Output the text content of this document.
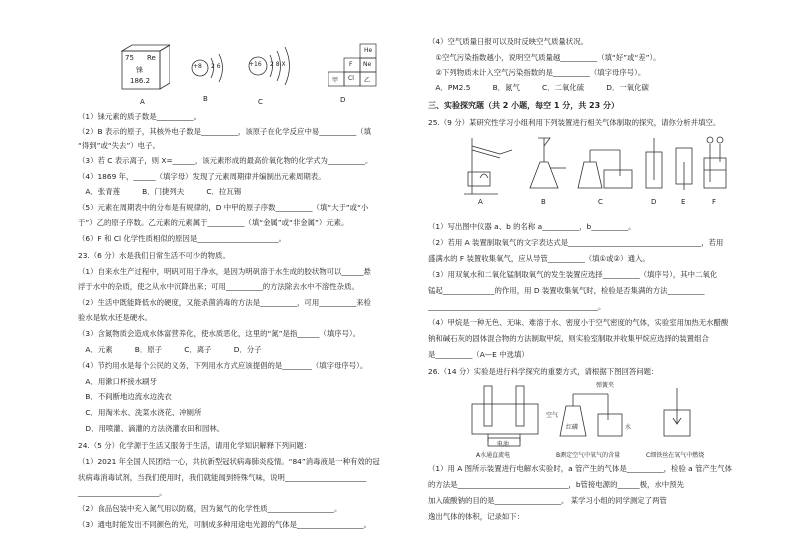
75 Re
铼
186.2
A
+8 2 6
B
+16 2 8 X
C
He
F Ne
甲 Cl 乙
D
（1）铼元素的质子数是__________。
（2）B 表示的原子，其核外电子数是__________，该原子在化学反应中易__________（填
“得到”或“失去”）电子。
（3）若 C 表示离子，则 X=______，该元素形成的最高价氧化物的化学式为__________。
（4）1869 年，______（填字母）发现了元素周期律并编制出元素周期表。
　A．张青莲　　　B．门捷列夫　　　C．拉瓦锡
（5）元素在周期表中的分布是有规律的，D 中甲的原子序数__________（填“大于”或“小
于”）乙的原子序数。乙元素的元素属于__________（填“金属”或“非金属”）元素。
（6）F 和 Cl 化学性质相似的原因是______________________。
23.（6 分）水是我们日常生活不可少的物质。
（1）自来水生产过程中，明矾可用于净水，是因为明矾溶于水生成的胶状物可以______悬
浮于水中的杂质，使之从水中沉降出来；可用__________的方法除去水中不溶性杂质。
（2）生活中既能降低水的硬度，又能杀菌消毒的方法是__________，可用__________来检
验水是软水还是硬水。
（3）含氮物质会造成水体富营养化，使水质恶化，这里的“氮”是指______（填序号）。
　A．元素　　　B．原子　　　C．离子　　　D．分子
（4）节约用水是每个公民的义务，下列用水方式应该提倡的是________（填字母序号）。
　A．用漱口杯接水刷牙
　B．不间断地边流水边洗衣
　C．用淘米水、洗菜水浇花、冲厕所
　D．用喷灌、滴灌的方法浇灌农田和园林。
24.（5 分）化学源于生活又服务于生活，请用化学知识解释下列问题：
（1）2021 年全国人民团结一心，共抗新型冠状病毒肺炎疫情。“84”消毒液是一种有效的冠
状病毒消毒试剂，当我们使用时，我们就能闻到特殊气味，说明______________________
______________________。
（2）食品包装中充入氮气用以防腐，因为氮气的化学性质__________________。
（3）通电时能发出不同颜色的光，可制成多种用途电光源的气体是__________________。
（4）空气质量日报可以及时反映空气质量状况。
　①空气污染指数越小，说明空气质量越__________（填“好”或“差”）。
　②下列物质未计入空气污染指数的是__________（填字母序号）。
　A．PM2.5　　　B．氮气　　　C．二氧化硫　　　D．一氧化碳
三、实验探究题（共 2 小题，每空 1 分，共 23 分）
25.（9 分）某研究性学习小组利用下列装置进行相关气体制取的探究，请你分析并填空。
A	B	C	D	E	F
（1）写出图中仪器 a、b 的名称 a__________，b__________。
（2）若用 A 装置制取氧气的文字表达式是____________________________________，若用
盛满水的 F 装置收集氧气，应从导管__________（填①或②）通入。
（3）用双氧水和二氧化锰制取氧气的发生装置应选择__________（填序号），其中二氧化
锰起______________的作用，用 D 装置收集氧气时，检验是否集满的方法__________
______________________________________________。
（4）甲烷是一种无色、无味、难溶于水、密度小于空气密度的气体，实验室用加热无水醋酸
钠和碱石灰的固体混合物的方法制取甲烷，则实验室制取并收集甲烷应选择的装置组合
是__________（A—E 中选填）
26.（14 分）实验是进行科学探究的重要方式，请根据下图回答问题：
弹簧夹
空气
红磷	水
电池
A水通直流电	B测定空气中氧气的含量	C细铁丝在氧气中燃烧
（1）用 A 图所示装置进行电解水实验时，a 管产生的气体是__________，检验 a 管产生气体
的方法是______________________________，b管接电源的______极，水中预先
加入硫酸钠的目的是__________________。 某学习小组的同学测定了两管
逸出气体的体积，记录如下：
